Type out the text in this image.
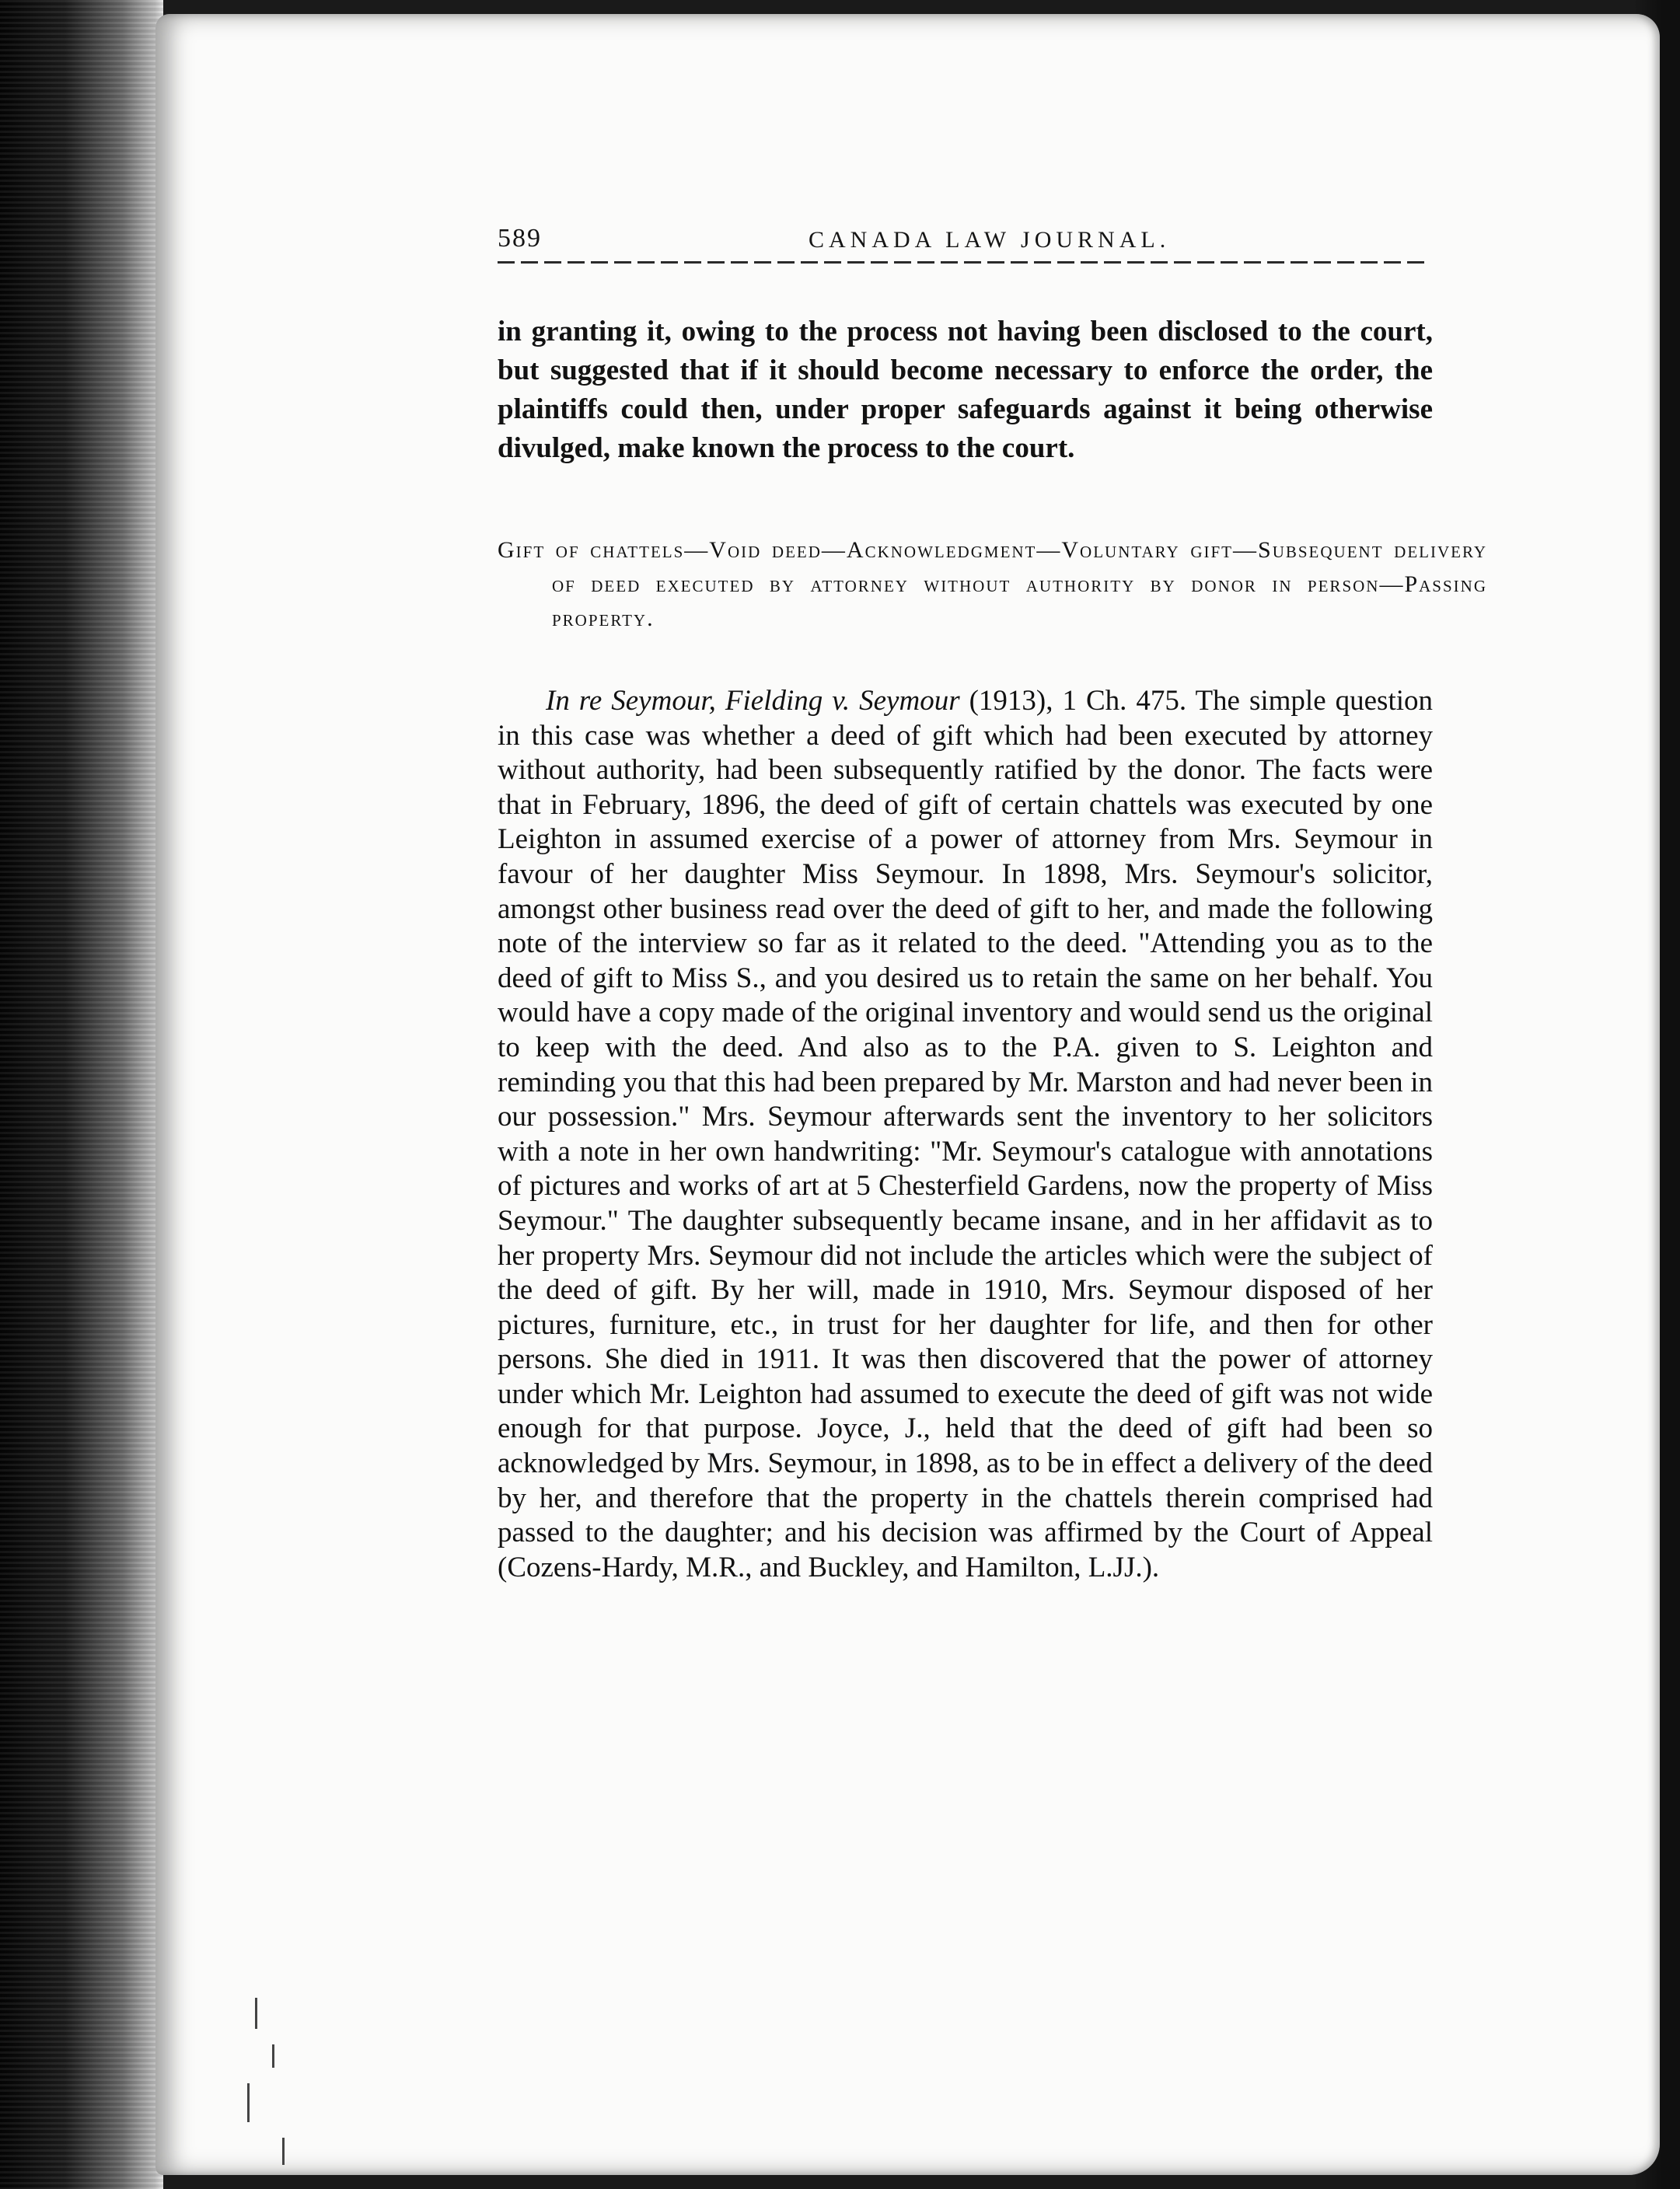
589	CANADA LAW JOURNAL.

in granting it, owing to the process not having been disclosed to the court, but suggested that if it should become necessary to enforce the order, the plaintiffs could then, under proper safeguards against it being otherwise divulged, make known the process to the court.

Gift of chattels—Void deed—Acknowledgment—Voluntary gift—Subsequent delivery of deed executed by attorney without authority by donor in person—Passing property.

In re Seymour, Fielding v. Seymour (1913), 1 Ch. 475. The simple question in this case was whether a deed of gift which had been executed by attorney without authority, had been subsequently ratified by the donor. The facts were that in February, 1896, the deed of gift of certain chattels was executed by one Leighton in assumed exercise of a power of attorney from Mrs. Seymour in favour of her daughter Miss Seymour. In 1898, Mrs. Seymour's solicitor, amongst other business read over the deed of gift to her, and made the following note of the interview so far as it related to the deed. "Attending you as to the deed of gift to Miss S., and you desired us to retain the same on her behalf. You would have a copy made of the original inventory and would send us the original to keep with the deed. And also as to the P.A. given to S. Leighton and reminding you that this had been prepared by Mr. Marston and had never been in our possession." Mrs. Seymour afterwards sent the inventory to her solicitors with a note in her own handwriting: "Mr. Seymour's catalogue with annotations of pictures and works of art at 5 Chesterfield Gardens, now the property of Miss Seymour." The daughter subsequently became insane, and in her affidavit as to her property Mrs. Seymour did not include the articles which were the subject of the deed of gift. By her will, made in 1910, Mrs. Seymour disposed of her pictures, furniture, etc., in trust for her daughter for life, and then for other persons. She died in 1911. It was then discovered that the power of attorney under which Mr. Leighton had assumed to execute the deed of gift was not wide enough for that purpose. Joyce, J., held that the deed of gift had been so acknowledged by Mrs. Seymour, in 1898, as to be in effect a delivery of the deed by her, and therefore that the property in the chattels therein comprised had passed to the daughter; and his decision was affirmed by the Court of Appeal (Cozens-Hardy, M.R., and Buckley, and Hamilton, L.JJ.).
